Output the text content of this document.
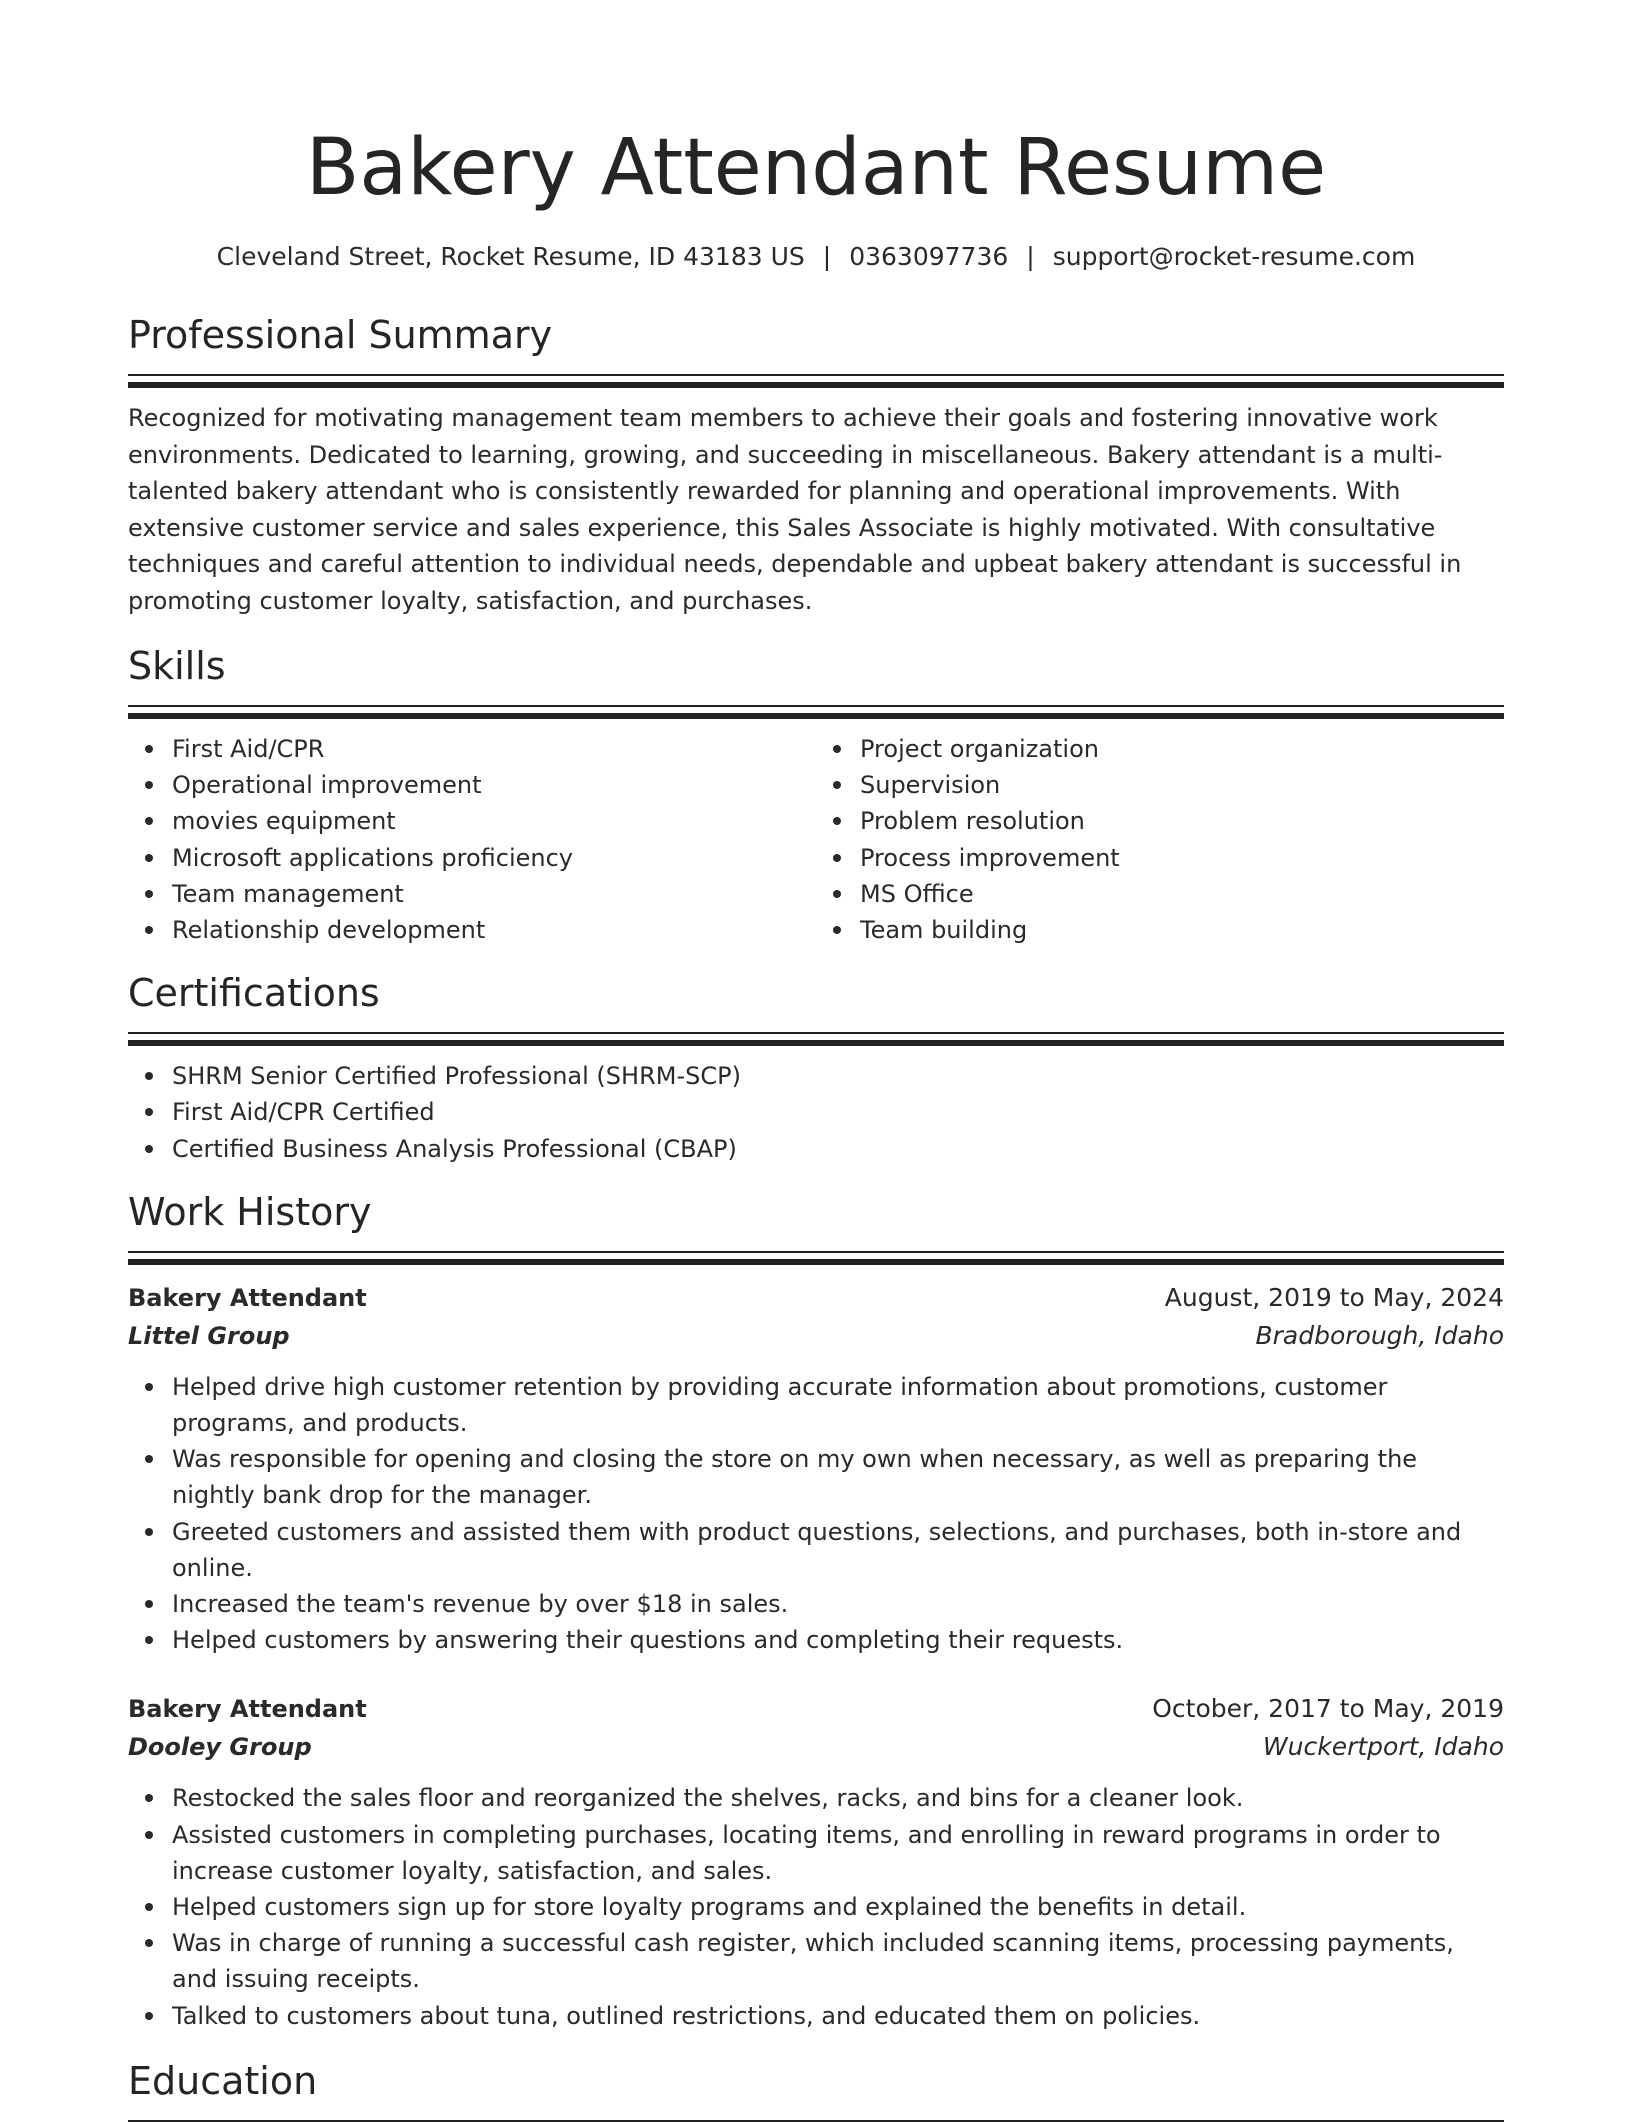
Bakery Attendant Resume
Cleveland Street, Rocket Resume, ID 43183 US | 0363097736 | support@rocket-resume.com
Professional Summary
Recognized for motivating management team members to achieve their goals and fostering innovative work environments. Dedicated to learning, growing, and succeeding in miscellaneous. Bakery attendant is a multi-talented bakery attendant who is consistently rewarded for planning and operational improvements. With extensive customer service and sales experience, this Sales Associate is highly motivated. With consultative techniques and careful attention to individual needs, dependable and upbeat bakery attendant is successful in promoting customer loyalty, satisfaction, and purchases.
Skills
First Aid/CPR
Operational improvement
movies equipment
Microsoft applications proficiency
Team management
Relationship development
Project organization
Supervision
Problem resolution
Process improvement
MS Office
Team building
Certifications
SHRM Senior Certified Professional (SHRM-SCP)
First Aid/CPR Certified
Certified Business Analysis Professional (CBAP)
Work History
Bakery Attendant	August, 2019 to May, 2024
Littel Group	Bradborough, Idaho
Helped drive high customer retention by providing accurate information about promotions, customer programs, and products.
Was responsible for opening and closing the store on my own when necessary, as well as preparing the nightly bank drop for the manager.
Greeted customers and assisted them with product questions, selections, and purchases, both in-store and online.
Increased the team's revenue by over $18 in sales.
Helped customers by answering their questions and completing their requests.
Bakery Attendant	October, 2017 to May, 2019
Dooley Group	Wuckertport, Idaho
Restocked the sales floor and reorganized the shelves, racks, and bins for a cleaner look.
Assisted customers in completing purchases, locating items, and enrolling in reward programs in order to increase customer loyalty, satisfaction, and sales.
Helped customers sign up for store loyalty programs and explained the benefits in detail.
Was in charge of running a successful cash register, which included scanning items, processing payments, and issuing receipts.
Talked to customers about tuna, outlined restrictions, and educated them on policies.
Education
